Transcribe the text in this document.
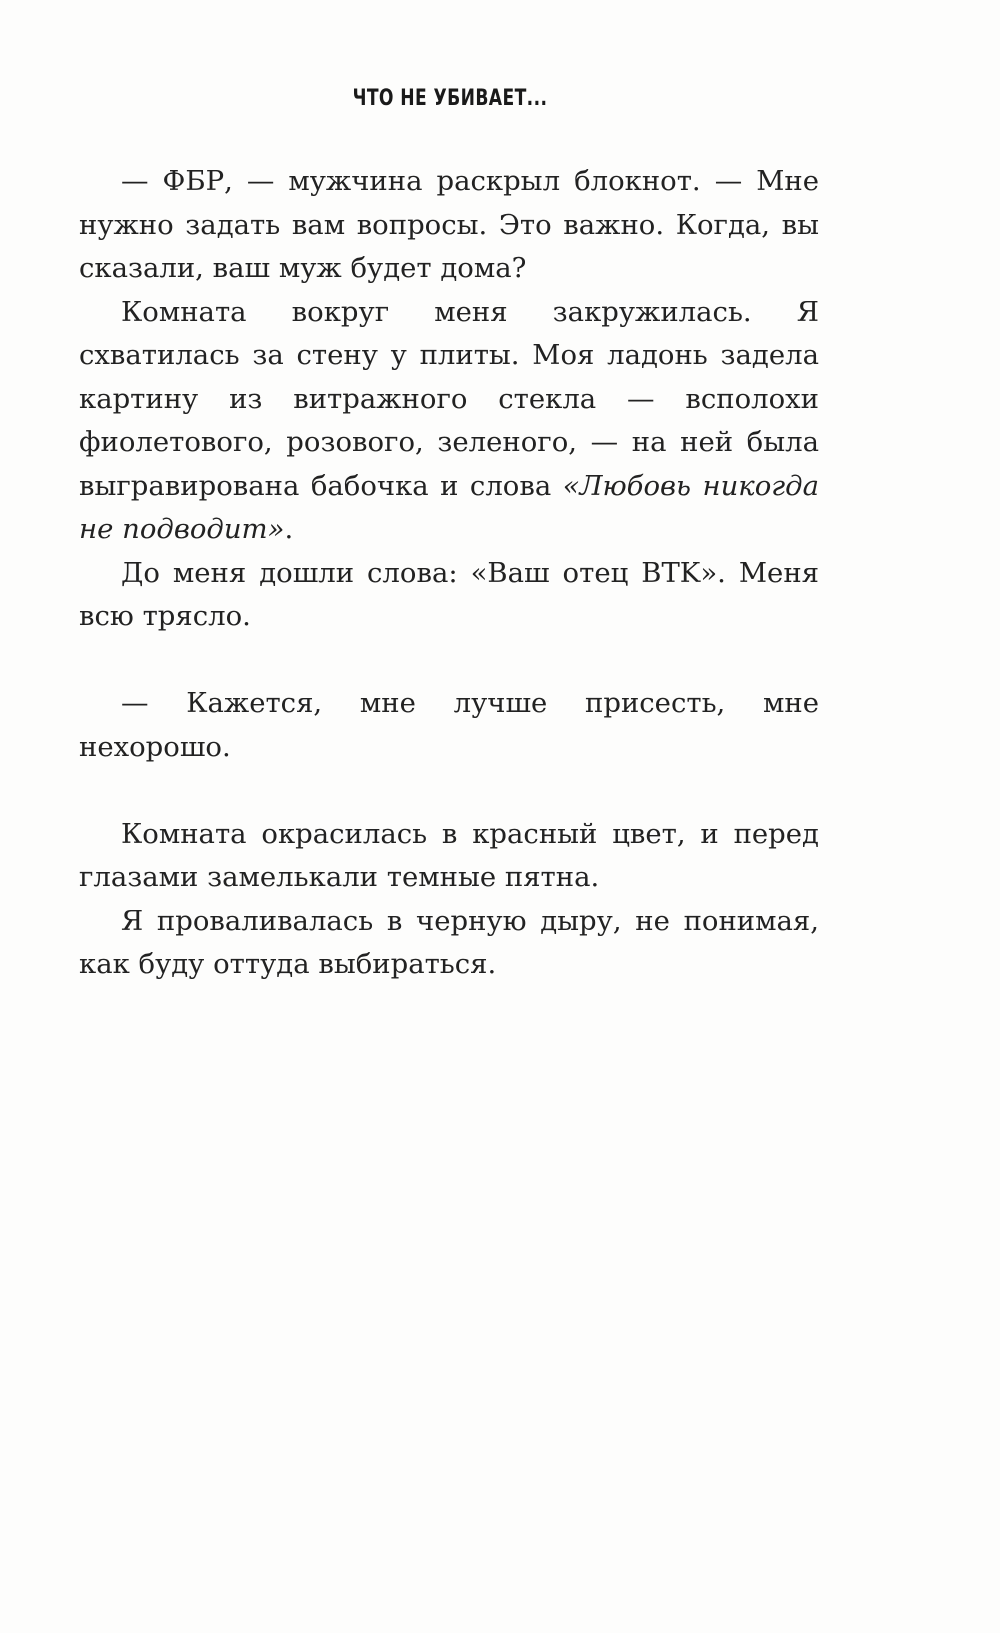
ЧТО НЕ УБИВАЕТ...

— ФБР, — мужчина раскрыл блокнот. — Мне нужно задать вам вопросы. Это важно. Когда, вы сказали, ваш муж будет дома?

Комната вокруг меня закружилась. Я схватилась за стену у плиты. Моя ладонь задела картину из витражного стекла — всполохи фиолетового, розового, зеленого, — на ней была выгравирована бабочка и слова «Любовь никогда не подводит».

До меня дошли слова: «Ваш отец BTK». Меня всю трясло.

— Кажется, мне лучше присесть, мне нехорошо.

Комната окрасилась в красный цвет, и перед глазами замелькали темные пятна.

Я проваливалась в черную дыру, не понимая, как буду оттуда выбираться.
